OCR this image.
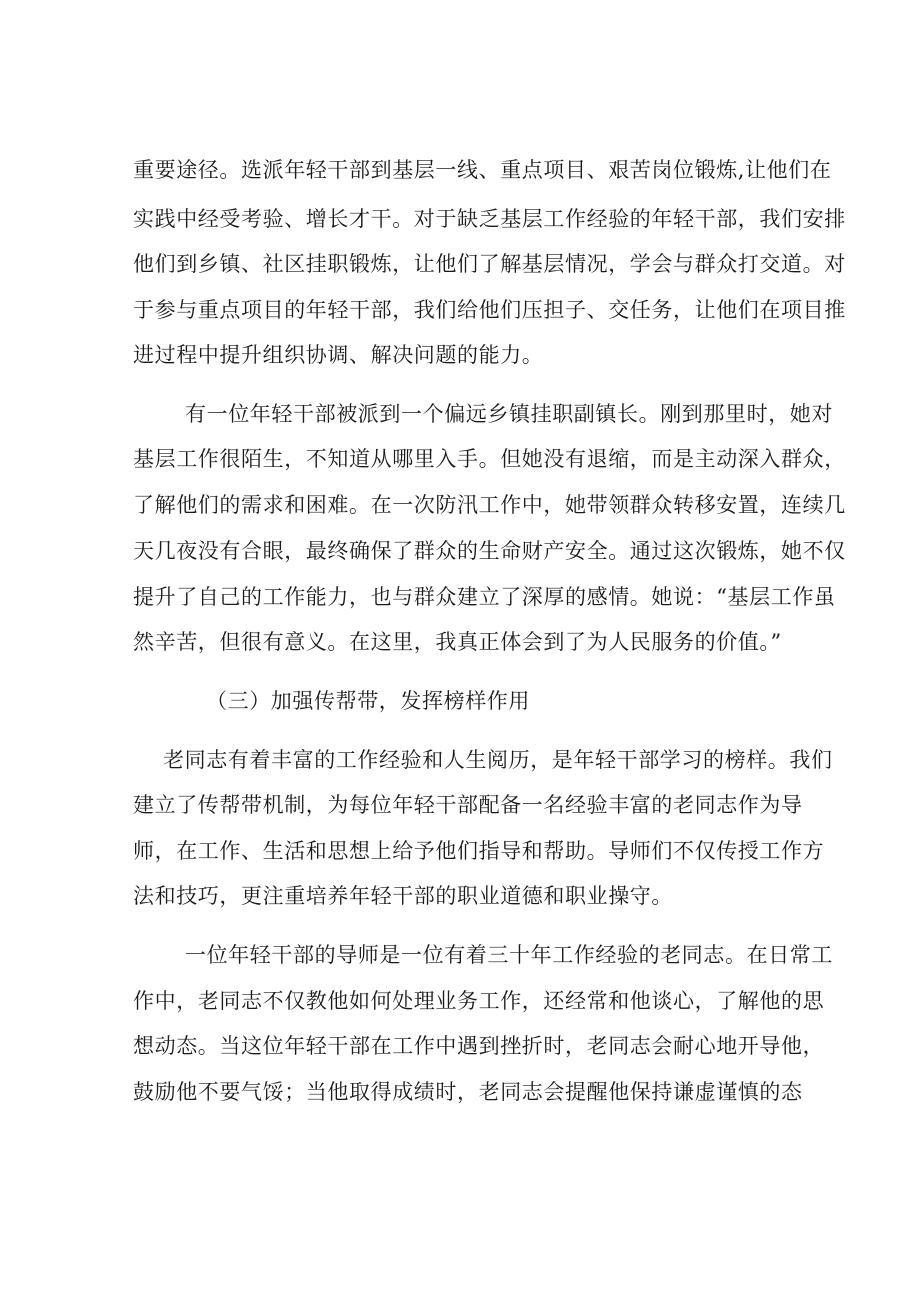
重要途径。选派年轻干部到基层一线、重点项目、艰苦岗位锻炼,让他们在

实践中经受考验、增长才干。对于缺乏基层工作经验的年轻干部，我们安排

他们到乡镇、社区挂职锻炼，让他们了解基层情况，学会与群众打交道。对

于参与重点项目的年轻干部，我们给他们压担子、交任务，让他们在项目推

进过程中提升组织协调、解决问题的能力。

有一位年轻干部被派到一个偏远乡镇挂职副镇长。刚到那里时，她对

基层工作很陌生，不知道从哪里入手。但她没有退缩，而是主动深入群众，

了解他们的需求和困难。在一次防汛工作中，她带领群众转移安置，连续几

天几夜没有合眼，最终确保了群众的生命财产安全。通过这次锻炼，她不仅

提升了自己的工作能力，也与群众建立了深厚的感情。她说：“基层工作虽

然辛苦，但很有意义。在这里，我真正体会到了为人民服务的价值。”

（三）加强传帮带，发挥榜样作用

老同志有着丰富的工作经验和人生阅历，是年轻干部学习的榜样。我们

建立了传帮带机制，为每位年轻干部配备一名经验丰富的老同志作为导

师，在工作、生活和思想上给予他们指导和帮助。导师们不仅传授工作方

法和技巧，更注重培养年轻干部的职业道德和职业操守。

一位年轻干部的导师是一位有着三十年工作经验的老同志。在日常工

作中，老同志不仅教他如何处理业务工作，还经常和他谈心，了解他的思

想动态。当这位年轻干部在工作中遇到挫折时，老同志会耐心地开导他，

鼓励他不要气馁；当他取得成绩时，老同志会提醒他保持谦虚谨慎的态
